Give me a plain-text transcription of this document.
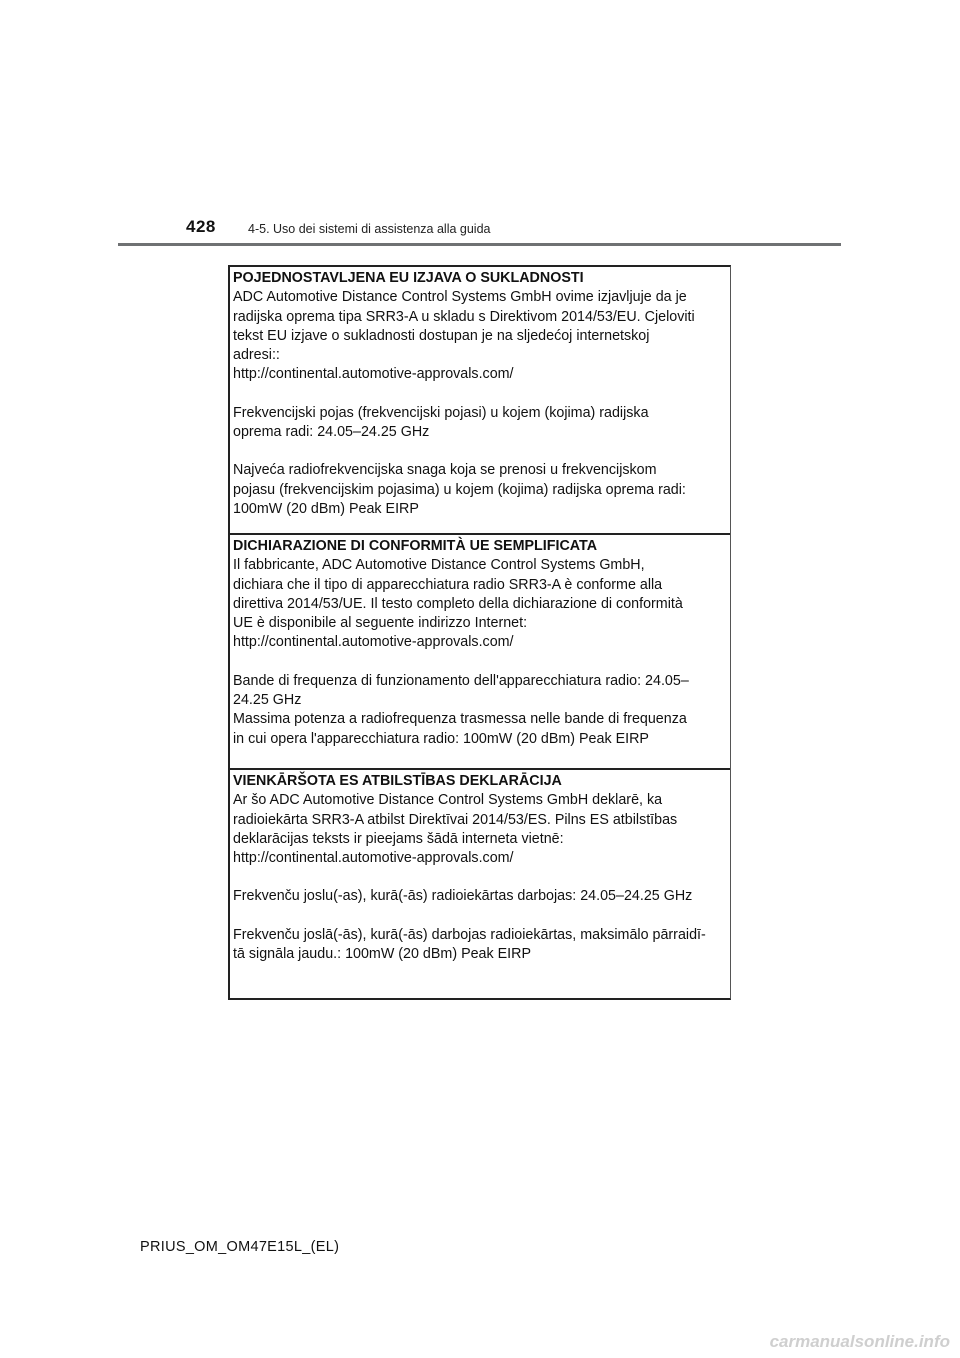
428	4-5. Uso dei sistemi di assistenza alla guida
POJEDNOSTAVLJENA EU IZJAVA O SUKLADNOSTI

ADC Automotive Distance Control Systems GmbH ovime izjavljuje da je

radijska oprema tipa SRR3-A u skladu s Direktivom 2014/53/EU. Cjeloviti

tekst EU izjave o sukladnosti dostupan je na sljedećoj internetskoj

adresi::

http://continental.automotive-approvals.com/

Frekvencijski pojas (frekvencijski pojasi) u kojem (kojima) radijska

oprema radi: 24.05–24.25 GHz

Najveća radiofrekvencijska snaga koja se prenosi u frekvencijskom

pojasu (frekvencijskim pojasima) u kojem (kojima) radijska oprema radi:

100mW (20 dBm) Peak EIRP

DICHIARAZIONE DI CONFORMITÀ UE SEMPLIFICATA

Il fabbricante, ADC Automotive Distance Control Systems GmbH,

dichiara che il tipo di apparecchiatura radio SRR3-A è conforme alla

direttiva 2014/53/UE. Il testo completo della dichiarazione di conformità

UE è disponibile al seguente indirizzo Internet:

http://continental.automotive-approvals.com/

Bande di frequenza di funzionamento dell'apparecchiatura radio: 24.05–

24.25 GHz

Massima potenza a radiofrequenza trasmessa nelle bande di frequenza

in cui opera l'apparecchiatura radio: 100mW (20 dBm) Peak EIRP

VIENKĀRŠOTA ES ATBILSTĪBAS DEKLARĀCIJA

Ar šo ADC Automotive Distance Control Systems GmbH deklarē, ka

radioiekārta SRR3-A atbilst Direktīvai 2014/53/ES. Pilns ES atbilstības

deklarācijas teksts ir pieejams šādā interneta vietnē:

http://continental.automotive-approvals.com/

Frekvenču joslu(-as), kurā(-ās) radioiekārtas darbojas: 24.05–24.25 GHz

Frekvenču joslā(-ās), kurā(-ās) darbojas radioiekārtas, maksimālo pārraidī-

tā signāla jaudu.: 100mW (20 dBm) Peak EIRP

PRIUS_OM_OM47E15L_(EL)
carmanualsonline.info
